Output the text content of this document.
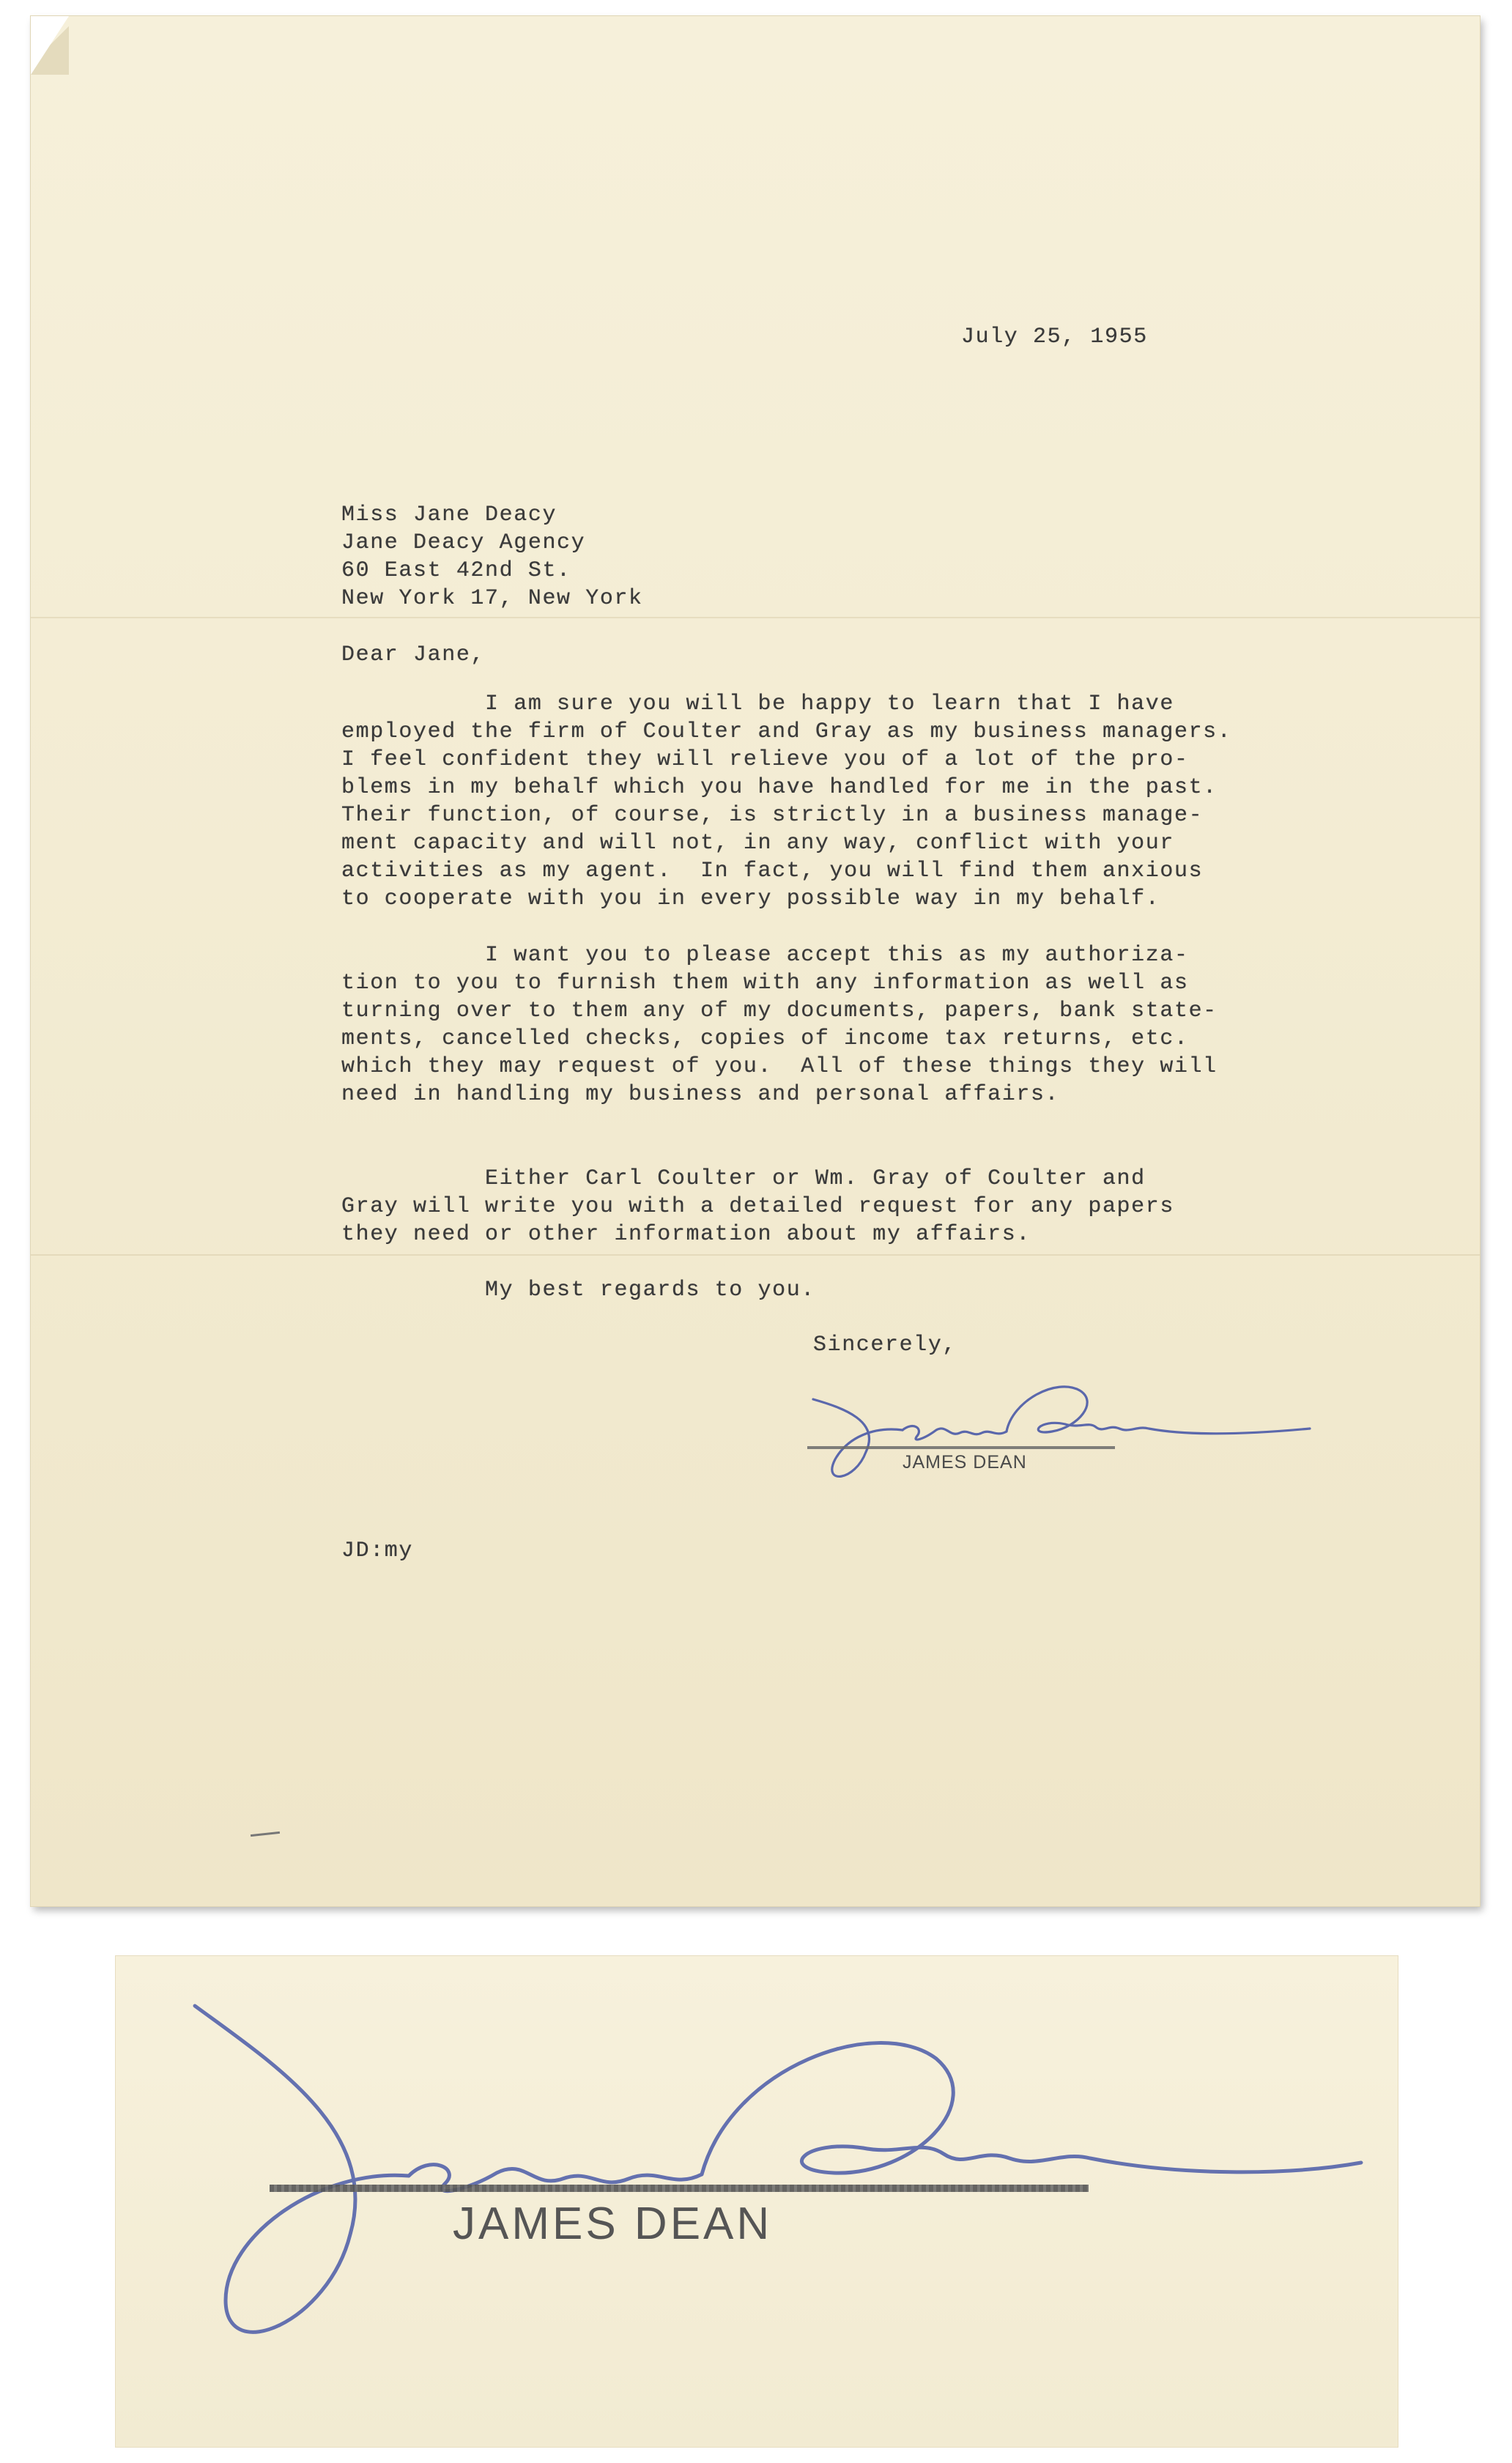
July 25, 1955
Miss Jane Deacy
Jane Deacy Agency
60 East 42nd St.
New York 17, New York
Dear Jane,
I am sure you will be happy to learn that I have
employed the firm of Coulter and Gray as my business managers.
I feel confident they will relieve you of a lot of the pro-
blems in my behalf which you have handled for me in the past.
Their function, of course, is strictly in a business manage-
ment capacity and will not, in any way, conflict with your
activities as my agent.  In fact, you will find them anxious
to cooperate with you in every possible way in my behalf.
I want you to please accept this as my authoriza-
tion to you to furnish them with any information as well as
turning over to them any of my documents, papers, bank state-
ments, cancelled checks, copies of income tax returns, etc.
which they may request of you.  All of these things they will
need in handling my business and personal affairs.
Either Carl Coulter or Wm. Gray of Coulter and
Gray will write you with a detailed request for any papers
they need or other information about my affairs.
My best regards to you.
Sincerely,
JAMES DEAN
JD:my
JAMES DEAN
